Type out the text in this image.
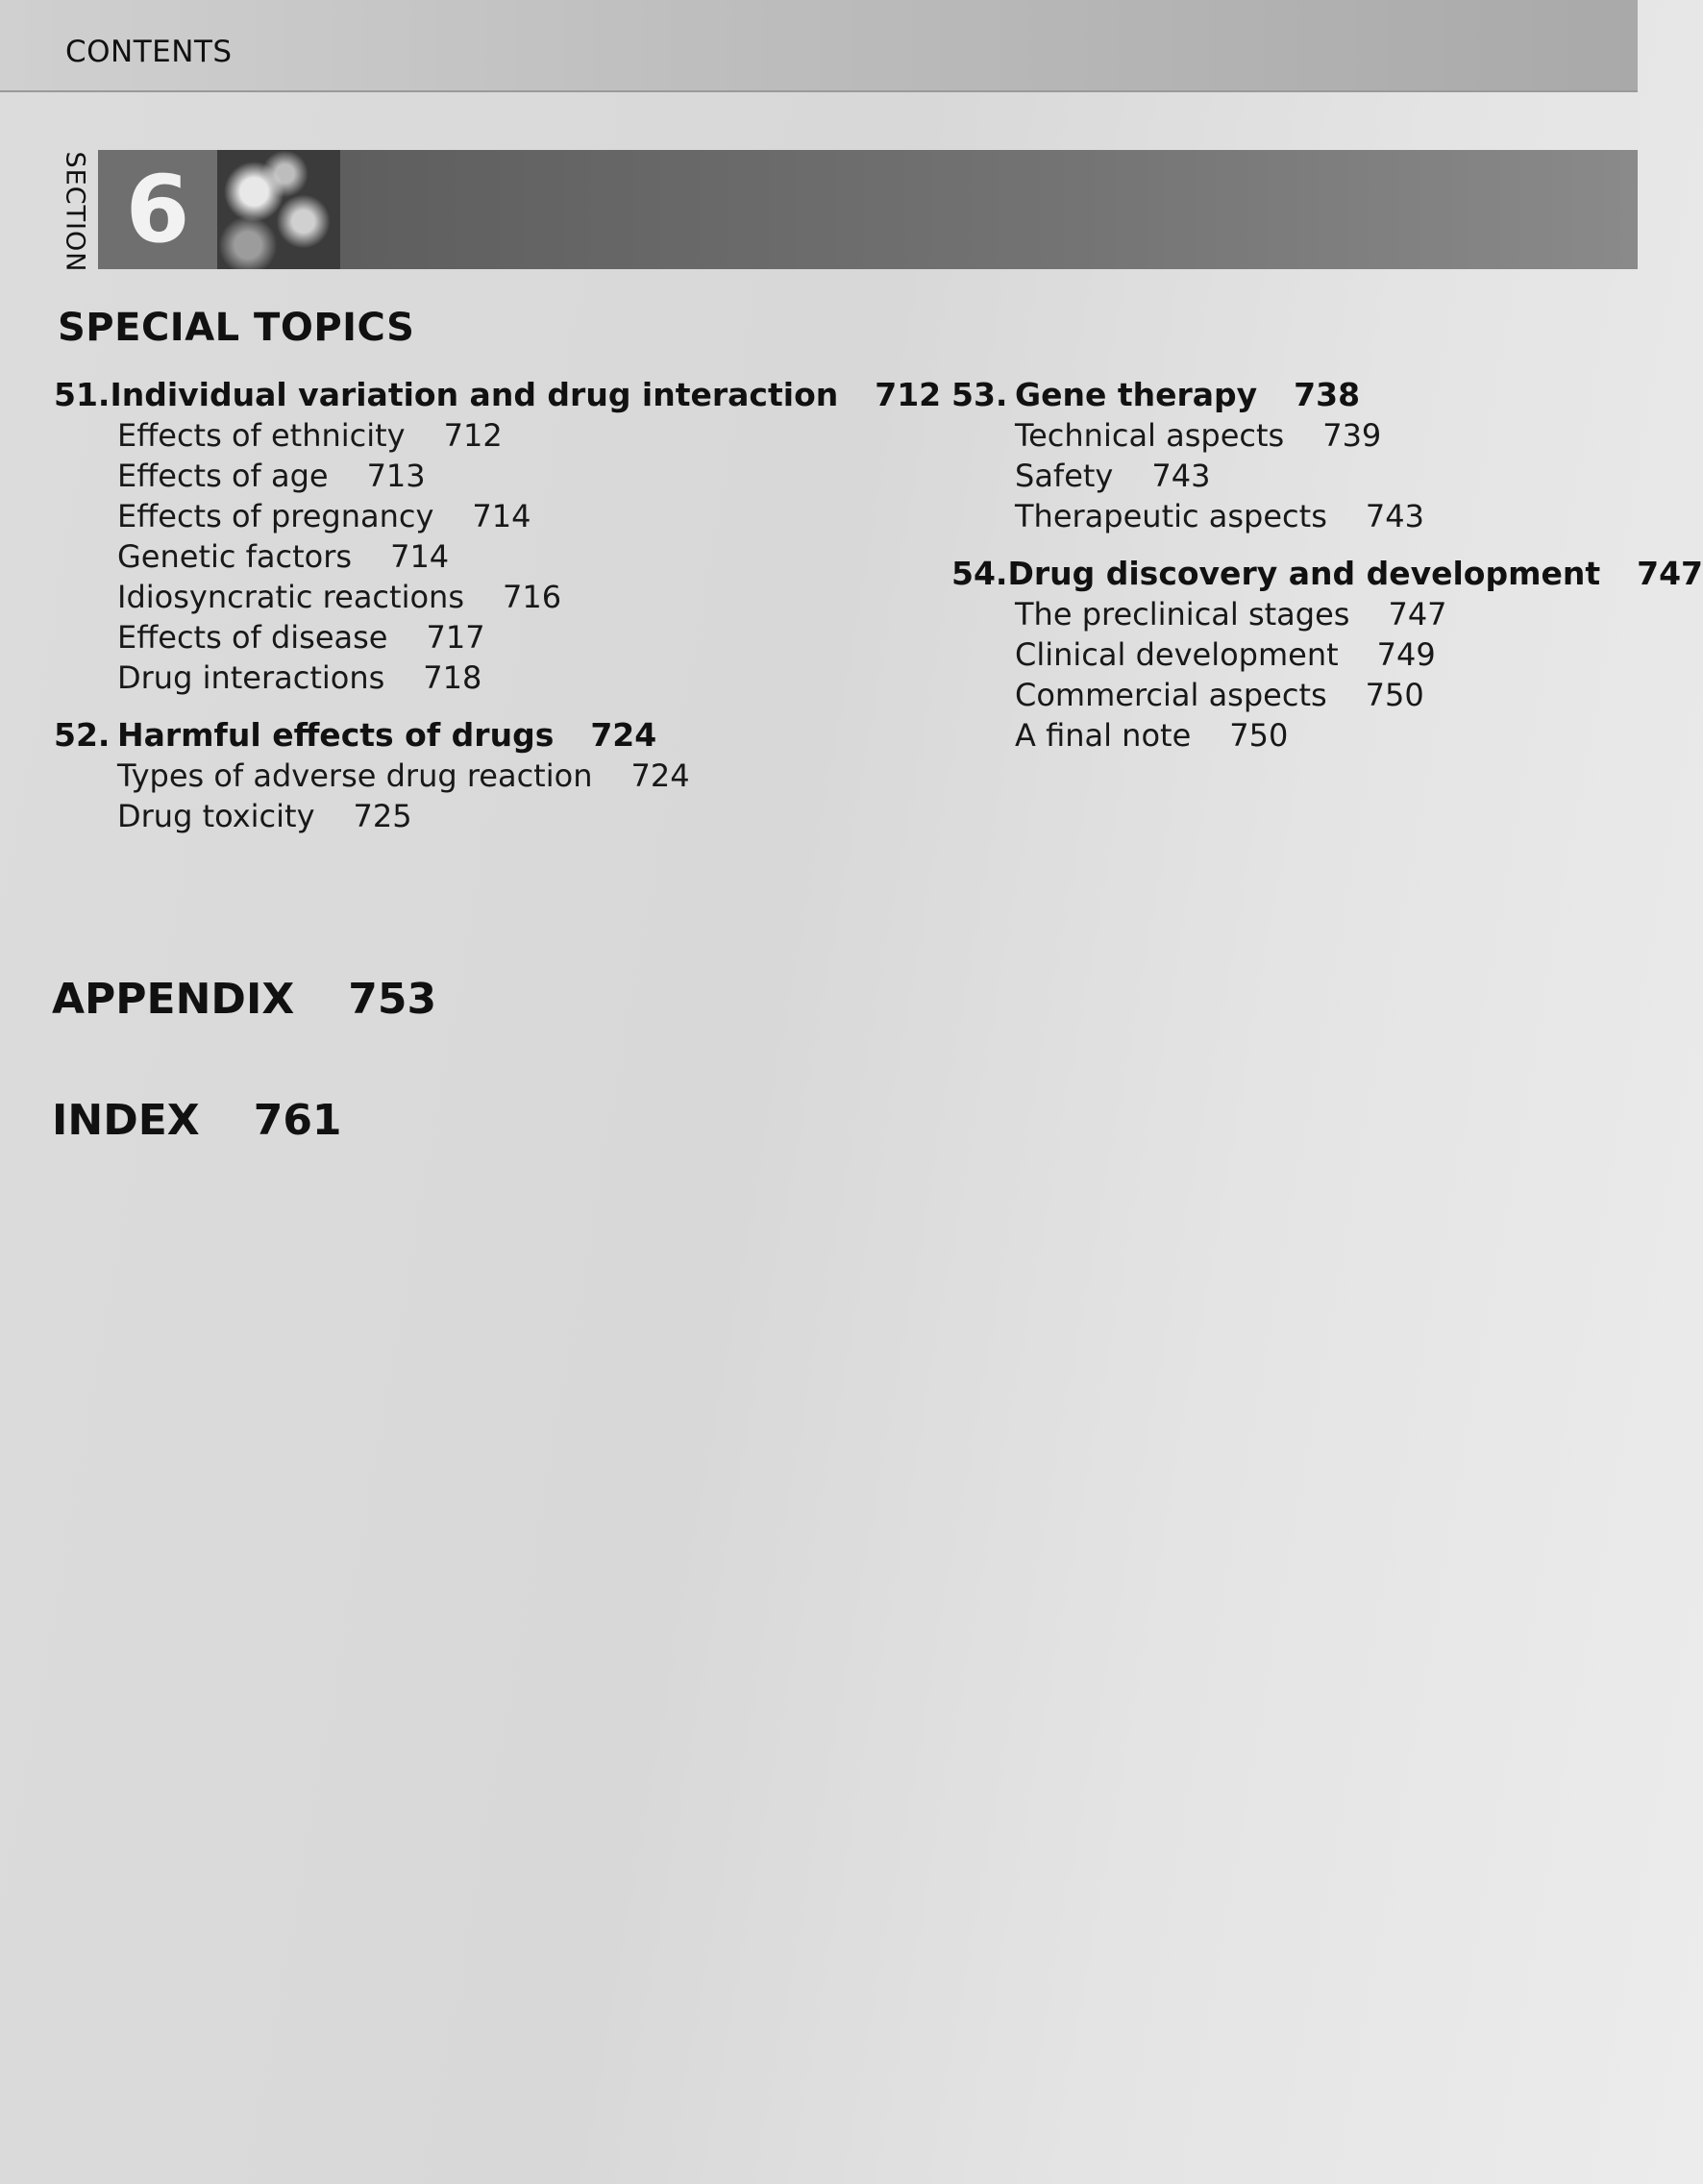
CONTENTS
SECTION 6
SPECIAL TOPICS
51. Individual variation and drug interaction 712
Effects of ethnicity 712
Effects of age 713
Effects of pregnancy 714
Genetic factors 714
Idiosyncratic reactions 716
Effects of disease 717
Drug interactions 718
52. Harmful effects of drugs 724
Types of adverse drug reaction 724
Drug toxicity 725
53. Gene therapy 738
Technical aspects 739
Safety 743
Therapeutic aspects 743
54. Drug discovery and development 747
The preclinical stages 747
Clinical development 749
Commercial aspects 750
A final note 750
APPENDIX 753
INDEX 761
